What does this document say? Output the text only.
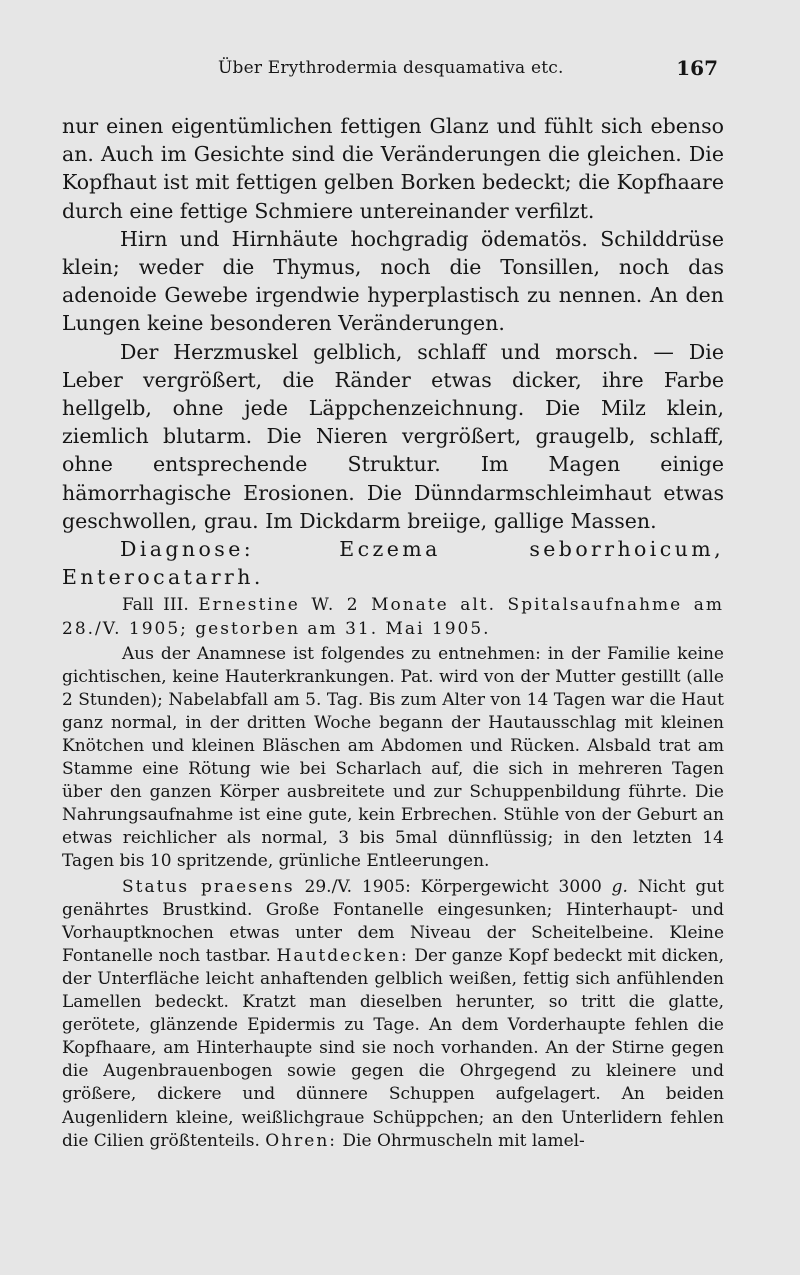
Über Erythrodermia desquamativa etc.	167

nur einen eigentümlichen fettigen Glanz und fühlt sich ebenso an. Auch im Gesichte sind die Veränderungen die gleichen. Die Kopfhaut ist mit fettigen gelben Borken bedeckt; die Kopfhaare durch eine fettige Schmiere untereinander verfilzt.

Hirn und Hirnhäute hochgradig ödematös. Schilddrüse klein; weder die Thymus, noch die Tonsillen, noch das adenoide Gewebe irgendwie hyperplastisch zu nennen. An den Lungen keine besonderen Veränderungen.

Der Herzmuskel gelblich, schlaff und morsch. — Die Leber vergrößert, die Ränder etwas dicker, ihre Farbe hellgelb, ohne jede Läppchenzeichnung. Die Milz klein, ziemlich blutarm. Die Nieren vergrößert, graugelb, schlaff, ohne entsprechende Struktur. Im Magen einige hämorrhagische Erosionen. Die Dünndarmschleimhaut etwas geschwollen, grau. Im Dickdarm breiige, gallige Massen.

Diagnose:	Eczema seborrhoicum, Enterocatarrh.

Fall III. Ernestine W. 2 Monate alt. Spitalsaufnahme am 28./V. 1905; gestorben am 31. Mai 1905.

Aus der Anamnese ist folgendes zu entnehmen: in der Familie keine gichtischen, keine Hauterkrankungen. Pat. wird von der Mutter gestillt (alle 2 Stunden); Nabelabfall am 5. Tag. Bis zum Alter von 14 Tagen war die Haut ganz normal, in der dritten Woche begann der Hautausschlag mit kleinen Knötchen und kleinen Bläschen am Abdomen und Rücken. Alsbald trat am Stamme eine Rötung wie bei Scharlach auf, die sich in mehreren Tagen über den ganzen Körper ausbreitete und zur Schuppenbildung führte. Die Nahrungsaufnahme ist eine gute, kein Erbrechen. Stühle von der Geburt an etwas reichlicher als normal, 3 bis 5mal dünnflüssig; in den letzten 14 Tagen bis 10 spritzende, grünliche Entleerungen.

Status praesens 29./V. 1905: Körpergewicht 3000 g. Nicht gut genährtes Brustkind. Große Fontanelle eingesunken; Hinterhaupt- und Vorhauptknochen etwas unter dem Niveau der Scheitelbeine. Kleine Fontanelle noch tastbar. Hautdecken: Der ganze Kopf bedeckt mit dicken, der Unterfläche leicht anhaftenden gelblich weißen, fettig sich anfühlenden Lamellen bedeckt. Kratzt man dieselben herunter, so tritt die glatte, gerötete, glänzende Epidermis zu Tage. An dem Vorderhaupte fehlen die Kopfhaare, am Hinterhaupte sind sie noch vorhanden. An der Stirne gegen die Augenbrauenbogen sowie gegen die Ohrgegend zu kleinere und größere, dickere und dünnere Schuppen aufgelagert. An beiden Augenlidern kleine, weißlichgraue Schüppchen; an den Unterlidern fehlen die Cilien größtenteils. Ohren: Die Ohrmuscheln mit lamel-
